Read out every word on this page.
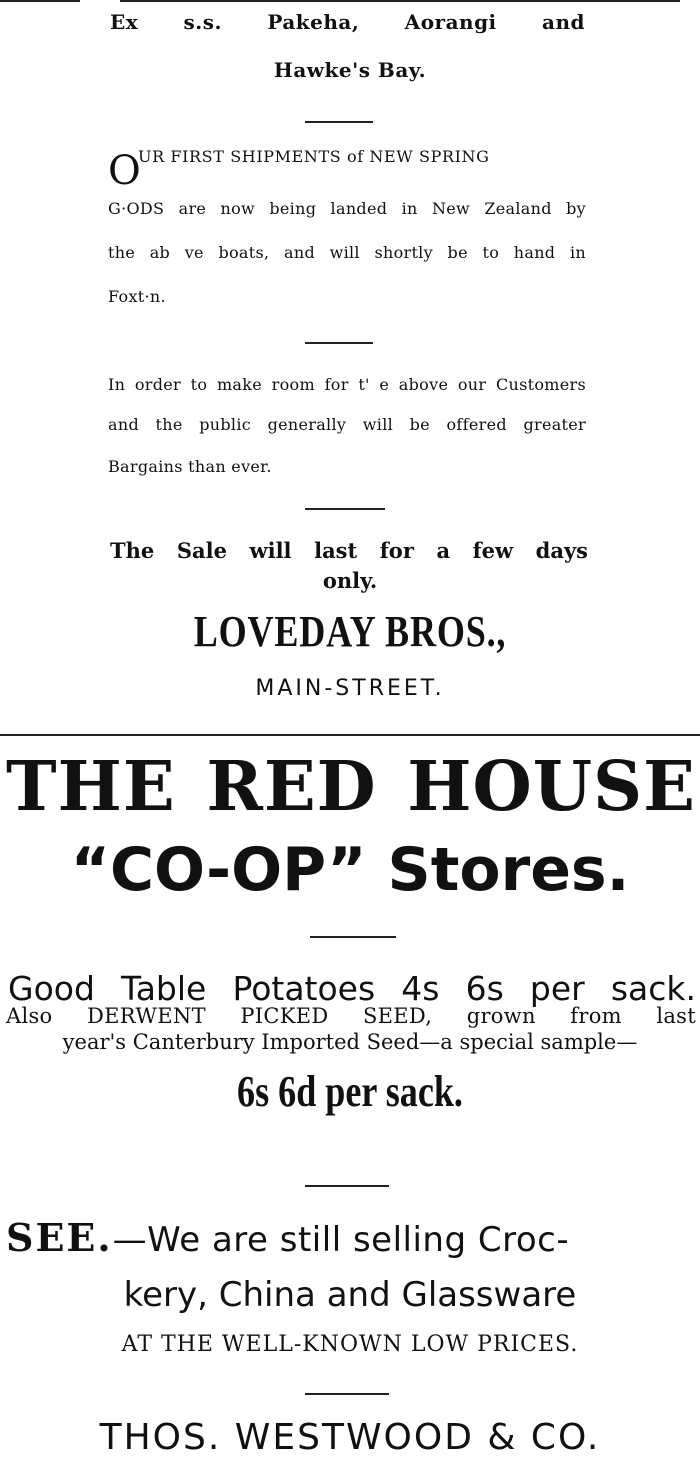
Ex s.s. Pakeha, Aorangi and
Hawke's Bay.
O
UR FIRST SHIPMENTS of NEW SPRING
G·ODS are now being landed in New Zealand by
the ab ve boats, and will shortly be to hand in
Foxt·n.
In order to make room for t' e above our Customers
and the public generally will be offered greater
Bargains than ever.
The Sale will last for a few days
only.
LOVEDAY BROS.,
MAIN-STREET.
THE RED HOUSE
“CO-OP” Stores.
Good Table Potatoes 4s 6s per sack.
Also DERWENT PICKED SEED, grown from last
year's Canterbury Imported Seed—a special sample—
6s 6d per sack.
SEE.—We are still selling Croc-
kery, China and Glassware
AT THE WELL-KNOWN LOW PRICES.
THOS. WESTWOOD & CO.
